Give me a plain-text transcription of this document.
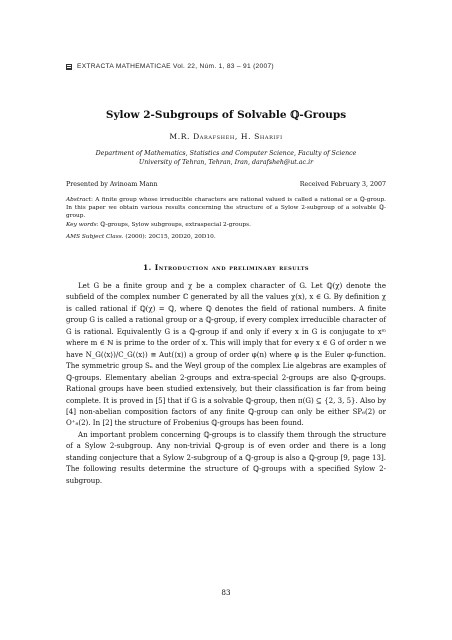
EXTRACTA MATHEMATICAE Vol. 22, Núm. 1, 83 – 91 (2007)
Sylow 2-Subgroups of Solvable ℚ-Groups
M.R. Darafsheh, H. Sharifi
Department of Mathematics, Statistics and Computer Science, Faculty of Science
University of Tehran, Tehran, Iran, darafsheh@ut.ac.ir
Presented by Avinoam Mann	Received February 3, 2007

Abstract: A finite group whose irreducible characters are rational valued is called a rational or a ℚ-group. In this paper we obtain various results concerning the structure of a Sylow 2-subgroup of a solvable ℚ-group.

Key words: ℚ-groups, Sylow subgroups, extraspecial 2-groups.
AMS Subject Class. (2000): 20C15, 20D20, 20D10.
1. Introduction and preliminary results

Let G be a finite group and χ be a complex character of G. Let ℚ(χ) denote the subfield of the complex number ℂ generated by all the values χ(x), x ∈ G. By definition χ is called rational if ℚ(χ) = ℚ, where ℚ denotes the field of rational numbers. A finite group G is called a rational group or a ℚ-group, if every complex irreducible character of G is rational. Equivalently G is a ℚ-group if and only if every x in G is conjugate to xᵐ where m ∈ ℕ is prime to the order of x. This will imply that for every x ∈ G of order n we have N_G(⟨x⟩)/C_G(⟨x⟩) ≅ Aut(⟨x⟩) a group of order φ(n) where φ is the Euler φ-function. The symmetric group Sₙ and the Weyl group of the complex Lie algebras are examples of ℚ-groups. Elementary abelian 2-groups and extra-special 2-groups are also ℚ-groups. Rational groups have been studied extensively, but their classification is far from being complete. It is proved in [5] that if G is a solvable ℚ-group, then π(G) ⊆ {2, 3, 5}. Also by [4] non-abelian composition factors of any finite ℚ-group can only be either SP₆(2) or O⁺₈(2). In [2] the structure of Frobenius ℚ-groups has been found.

An important problem concerning ℚ-groups is to classify them through the structure of a Sylow 2-subgroup. Any non-trivial ℚ-group is of even order and there is a long standing conjecture that a Sylow 2-subgroup of a ℚ-group is also a ℚ-group [9, page 13]. The following results determine the structure of ℚ-groups with a specified Sylow 2-subgroup.

83
